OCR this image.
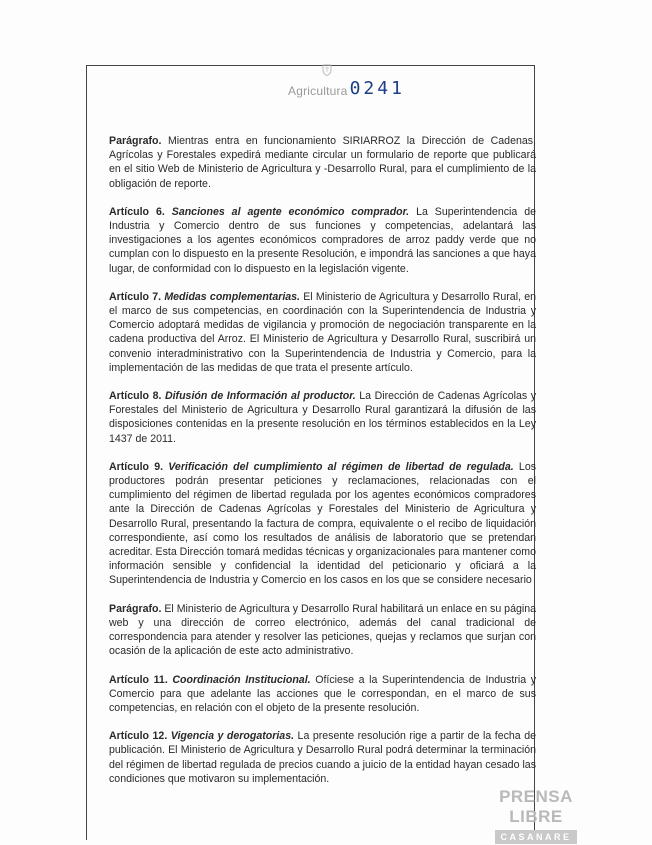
Agricultura 0241

Parágrafo. Mientras entra en funcionamiento SIRIARROZ la Dirección de Cadenas, Agrícolas y Forestales expedirá mediante circular un formulario de reporte que publicará en el sitio Web de Ministerio de Agricultura y -Desarrollo Rural, para el cumplimiento de la obligación de reporte.

Artículo 6. Sanciones al agente económico comprador. La Superintendencia de Industria y Comercio dentro de sus funciones y competencias, adelantará las investigaciones a los agentes económicos compradores de arroz paddy verde que no cumplan con lo dispuesto en la presente Resolución, e impondrá las sanciones a que haya lugar, de conformidad con lo dispuesto en la legislación vigente.

Artículo 7. Medidas complementarias. El Ministerio de Agricultura y Desarrollo Rural, en el marco de sus competencias, en coordinación con la Superintendencia de Industria y Comercio adoptará medidas de vigilancia y promoción de negociación transparente en la cadena productiva del Arroz. El Ministerio de Agricultura y Desarrollo Rural, suscribirá un convenio interadministrativo con la Superintendencia de Industria y Comercio, para la implementación de las medidas de que trata el presente artículo.

Artículo 8. Difusión de Información al productor. La Dirección de Cadenas Agrícolas y Forestales del Ministerio de Agricultura y Desarrollo Rural garantizará la difusión de las disposiciones contenidas en la presente resolución en los términos establecidos en la Ley 1437 de 2011.

Artículo 9. Verificación del cumplimiento al régimen de libertad de regulada. Los productores podrán presentar peticiones y reclamaciones, relacionadas con el cumplimiento del régimen de libertad regulada por los agentes económicos compradores ante la Dirección de Cadenas Agrícolas y Forestales del Ministerio de Agricultura y Desarrollo Rural, presentando la factura de compra, equivalente o el recibo de liquidación correspondiente, así como los resultados de análisis de laboratorio que se pretendan acreditar. Esta Dirección tomará medidas técnicas y organizacionales para mantener como información sensible y confidencial la identidad del peticionario y oficiará a la Superintendencia de Industria y Comercio en los casos en los que se considere necesario

Parágrafo. El Ministerio de Agricultura y Desarrollo Rural habilitará un enlace en su página web y una dirección de correo electrónico, además del canal tradicional de correspondencia para atender y resolver las peticiones, quejas y reclamos que surjan con ocasión de la aplicación de este acto administrativo.

Artículo 11. Coordinación Institucional. Ofíciese a la Superintendencia de Industria y Comercio para que adelante las acciones que le correspondan, en el marco de sus competencias, en relación con el objeto de la presente resolución.

Artículo 12. Vigencia y derogatorias. La presente resolución rige a partir de la fecha de publicación. El Ministerio de Agricultura y Desarrollo Rural podrá determinar la terminación del régimen de libertad regulada de precios cuando a juicio de la entidad hayan cesado las condiciones que motivaron su implementación.

PRENSA LIBRE
CASANARE
